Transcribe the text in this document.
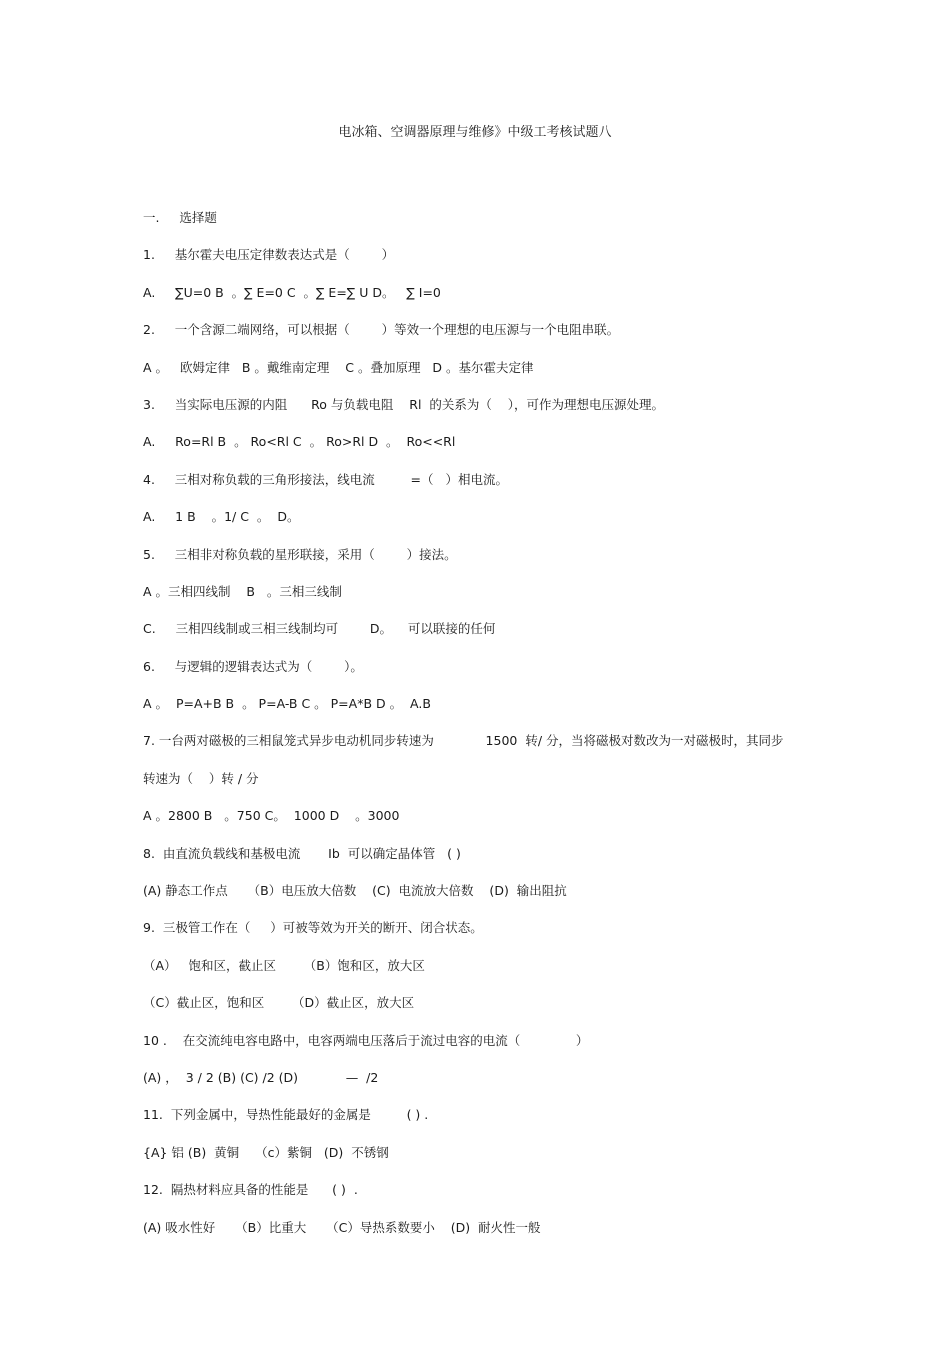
电冰箱、空调器原理与维修》中级工考核试题八
一.     选择题
1.     基尔霍夫电压定律数表达式是（        ）
A.     ∑U=0 B  。∑ E=0 C  。∑ E=∑ U D。   ∑ I=0
2.     一个含源二端网络，可以根据（        ）等效一个理想的电压源与一个电阻串联。
A 。   欧姆定律   B 。戴维南定理    C 。叠加原理   D 。基尔霍夫定律
3.     当实际电压源的内阻      Ro 与负载电阻    Rl  的关系为（    ），可作为理想电压源处理。
A.     Ro=Rl B  。 Ro<Rl C  。 Ro>Rl D  。  Ro<<Rl
4.     三相对称负载的三角形接法，线电流         =（   ）相电流。
A.     1 B    。1/ C  。  D。
5.     三相非对称负载的星形联接，采用（        ）接法。
A 。三相四线制    B   。三相三线制
C.     三相四线制或三相三线制均可        D。    可以联接的任何
6.     与逻辑的逻辑表达式为（        ）。
A 。  P=A+B B  。 P=A-B C 。 P=A*B D 。  A.B
7. 一台两对磁极的三相鼠笼式异步电动机同步转速为             1500  转/ 分，当将磁极对数改为一对磁极时，其同步
转速为（    ）转 / 分
A 。2800 B   。750 C。  1000 D    。3000
8.  由直流负载线和基极电流       Ib  可以确定晶体管   ( )
(A) 静态工作点     （B）电压放大倍数    (C)  电流放大倍数    (D)  输出阻抗
9.  三极管工作在（     ）可被等效为开关的断开、闭合状态。
（A）   饱和区，截止区       （B）饱和区，放大区
（C）截止区，饱和区       （D）截止区，放大区
10 .    在交流纯电容电路中，电容两端电压落后于流过电容的电流（              ）
(A) ，  3 / 2 (B) (C) /2 (D)            —  /2
11.  下列金属中，导热性能最好的金属是         ( ) .
{A} 铝 (B)  黄铜    （c）紫铜   (D)  不锈钢
12.  隔热材料应具备的性能是      ( )  .
(A) 吸水性好     （B）比重大     （C）导热系数要小    (D)  耐火性一般
